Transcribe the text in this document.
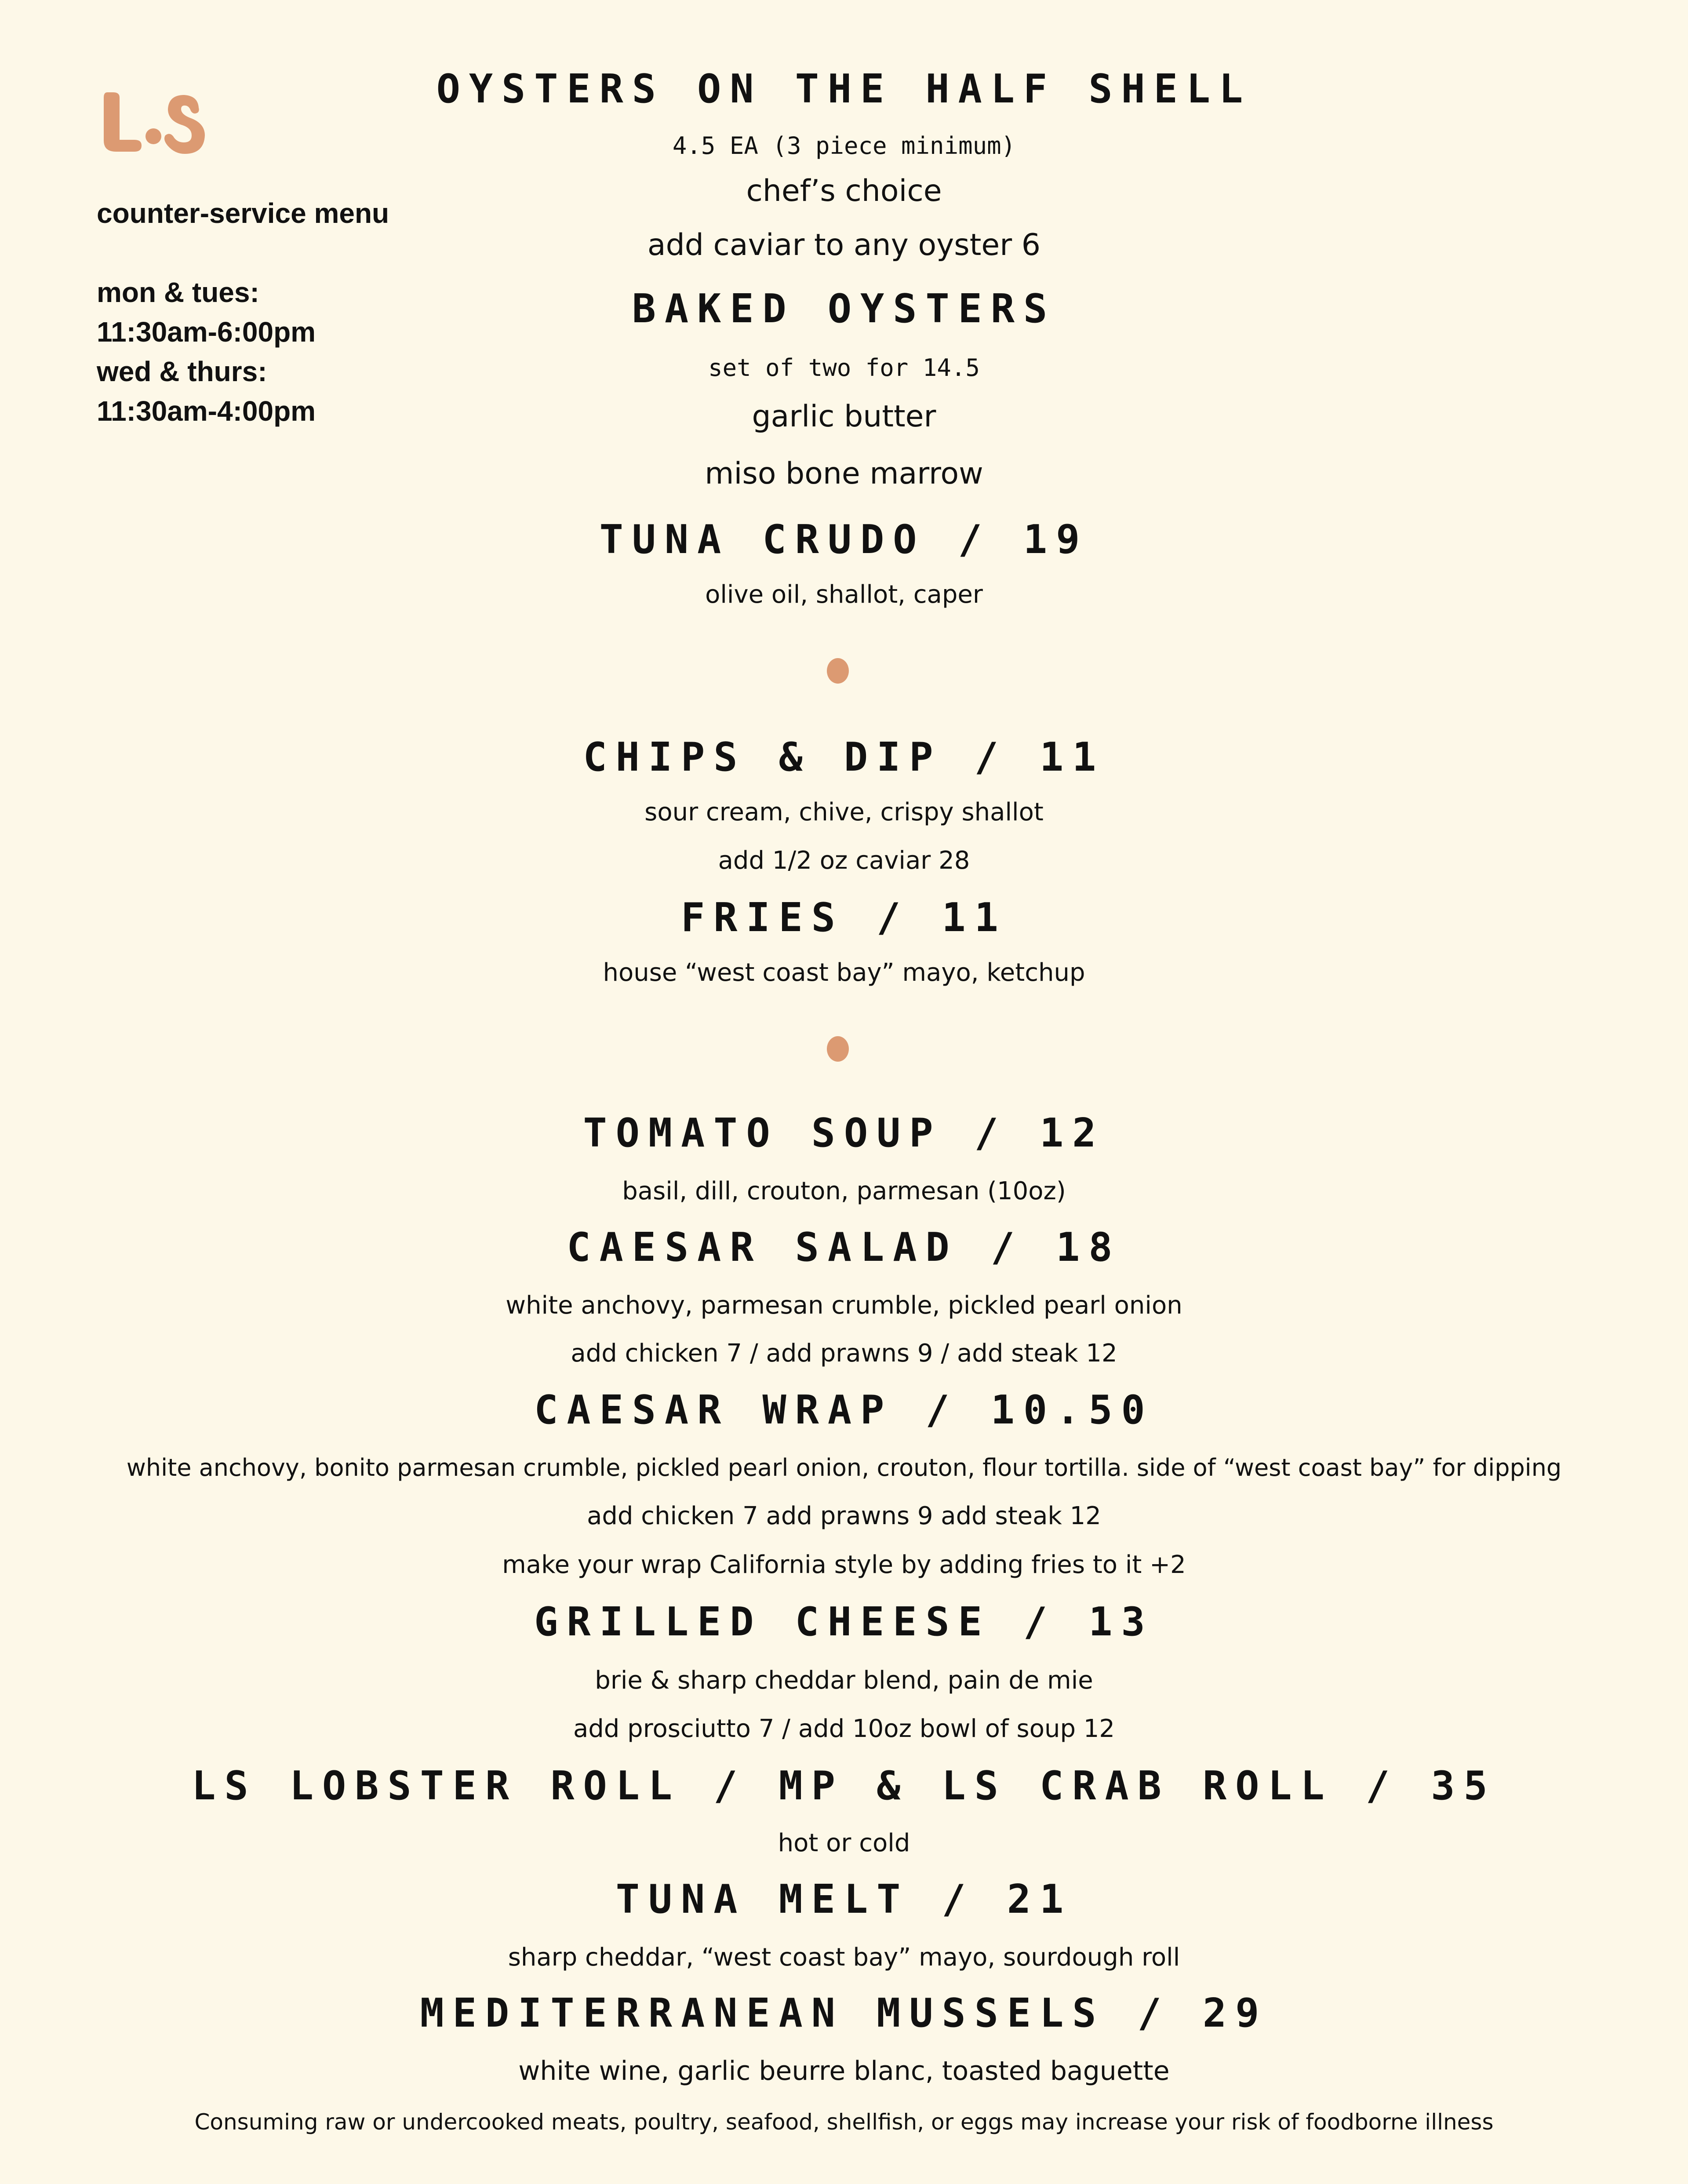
counter-service menu
mon & tues:
11:30am-6:00pm
wed & thurs:
11:30am-4:00pm
OYSTERS ON THE HALF SHELL
4.5 EA (3 piece minimum)
chef’s choice
add caviar to any oyster 6
BAKED OYSTERS
set of two for 14.5
garlic butter
miso bone marrow
TUNA CRUDO / 19
olive oil, shallot, caper
CHIPS & DIP / 11
sour cream, chive, crispy shallot
add 1/2 oz caviar 28
FRIES / 11
house “west coast bay” mayo, ketchup
TOMATO SOUP / 12
basil, dill, crouton, parmesan (10oz)
CAESAR SALAD / 18
white anchovy, parmesan crumble, pickled pearl onion
add chicken 7 / add prawns 9 / add steak 12
CAESAR WRAP / 10.50
white anchovy, bonito parmesan crumble, pickled pearl onion, crouton, flour tortilla. side of “west coast bay” for dipping
add chicken 7 add prawns 9 add steak 12
make your wrap California style by adding fries to it +2
GRILLED CHEESE / 13
brie & sharp cheddar blend, pain de mie
add prosciutto 7 / add 10oz bowl of soup 12
LS LOBSTER ROLL / MP & LS CRAB ROLL / 35
hot or cold
TUNA MELT / 21
sharp cheddar, “west coast bay” mayo, sourdough roll
MEDITERRANEAN MUSSELS / 29
white wine, garlic beurre blanc, toasted baguette
Consuming raw or undercooked meats, poultry, seafood, shellfish, or eggs may increase your risk of foodborne illness
